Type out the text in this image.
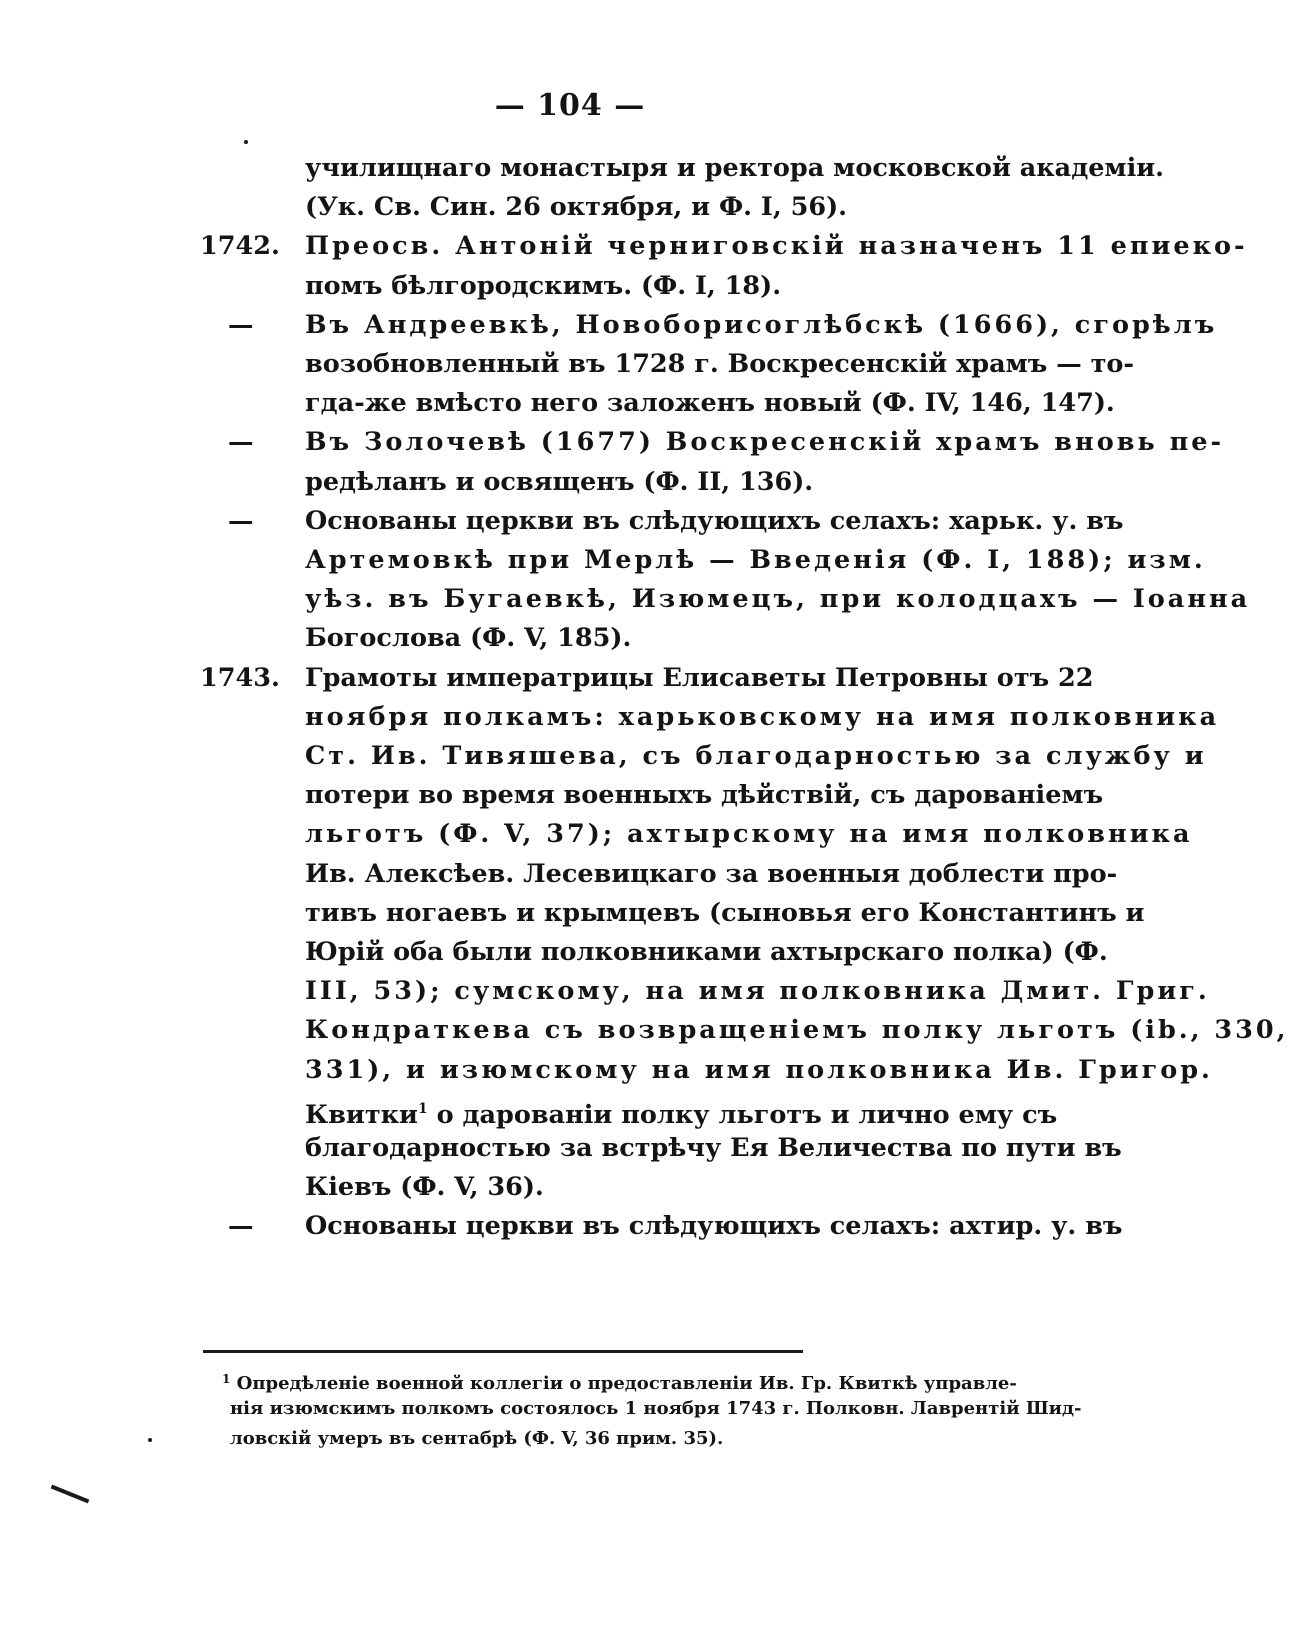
— 104 —
училищнаго монастыря и ректора московской академіи.
(Ук. Св. Син. 26 октября, и Ф. I, 56).
1742. Преосв. Антоній черниговскій назначенъ 11 епиеко-
помъ бѣлгородскимъ. (Ф. I, 18).
— Въ Андреевкѣ, Новоборисоглѣбскѣ (1666), сгорѣлъ
возобновленный въ 1728 г. Воскресенскій храмъ — то-
гда-же вмѣсто него заложенъ новый (Ф. IV, 146, 147).
— Въ Золочевѣ (1677) Воскресенскій храмъ вновь пе-
редѣланъ и освященъ (Ф. II, 136).
— Основаны церкви въ слѣдующихъ селахъ: харьк. у. въ
Артемовкѣ при Мерлѣ — Введенія (Ф. I, 188); изм.
уѣз. въ Бугаевкѣ, Изюмецъ, при колодцахъ — Іоанна
Богослова (Ф. V, 185).
1743. Грамоты императрицы Елисаветы Петровны отъ 22
ноября полкамъ: харьковскому на имя полковника
Ст. Ив. Тивяшева, съ благодарностью за службу и
потери во время военныхъ дѣйствій, съ дарованіемъ
льготъ (Ф. V, 37); ахтырскому на имя полковника
Ив. Алексѣев. Лесевицкаго за военныя доблести про-
тивъ ногаевъ и крымцевъ (сыновья его Константинъ и
Юрій оба были полковниками ахтырскаго полка) (Ф.
III, 53); сумскому, на имя полковника Дмит. Григ.
Кондраткева съ возвращеніемъ полку льготъ (ib., 330,
331), и изюмскому на имя полковника Ив. Григор.
Квитки$^1$ о дарованіи полку льготъ и лично ему съ
благодарностью за встрѣчу Ея Величества по пути въ
Кіевъ (Ф. V, 36).
— Основаны церкви въ слѣдующихъ селахъ: ахтир. у. въ
$^1$ Опредѣленіе военной коллегіи о предоставленіи Ив. Гр. Квиткѣ управле-
нія изюмскимъ полкомъ состоялось 1 ноября 1743 г. Полковн. Лаврентій Шид-
ловскій умеръ въ сентабрѣ (Ф. V, 36 прим. 35).
